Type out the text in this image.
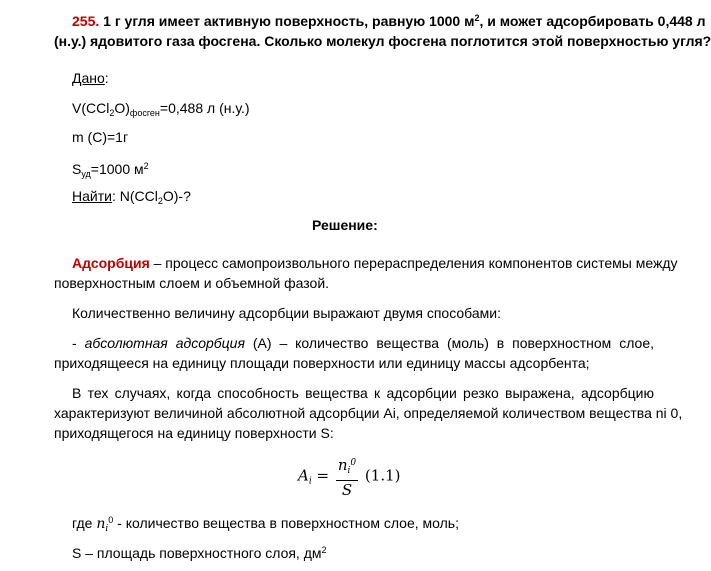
255. 1 г угля имеет активную поверхность, равную 1000 $м^2$, и может адсорбировать 0,448 л
(н.у.) ядовитого газа фосгена. Сколько молекул фосгена поглотится этой поверхностью угля?
Дано:
$V(CCl_2O)_{фосген}=0,488$ л (н.у.)
m (C)=1г
$S_{уд}=1000$ $м^2$
Найти: N(CCl$_2$O)-?
Решение:
Адсорбция – процесс самопроизвольного перераспределения компонентов системы между
поверхностным слоем и объемной фазой.
Количественно величину адсорбции выражают двумя способами:
- абсолютная адсорбция (А) – количество вещества (моль) в поверхностном слое,
приходящееся на единицу площади поверхности или единицу массы адсорбента;
В тех случаях, когда способность вещества к адсорбции резко выражена, адсорбцию
характеризуют величиной абсолютной адсорбции Ai, определяемой количеством вещества ni 0,
приходящегося на единицу поверхности S:
$A_i = \frac{n_i^0}{S} (1.1)$
где $n_i^0$ - количество вещества в поверхностном слое, моль;
S – площадь поверхностного слоя, $дм^2$
